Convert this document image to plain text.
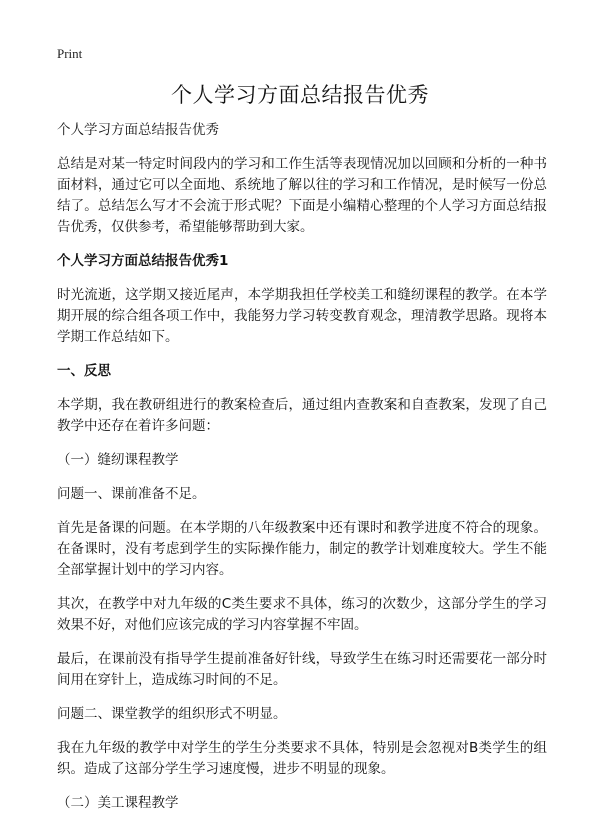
Print
个人学习方面总结报告优秀

个人学习方面总结报告优秀

总结是对某一特定时间段内的学习和工作生活等表现情况加以回顾和分析的一种书面材料，通过它可以全面地、系统地了解以往的学习和工作情况，是时候写一份总结了。总结怎么写才不会流于形式呢？下面是小编精心整理的个人学习方面总结报告优秀，仅供参考，希望能够帮助到大家。

个人学习方面总结报告优秀1

时光流逝，这学期又接近尾声，本学期我担任学校美工和缝纫课程的教学。在本学期开展的综合组各项工作中，我能努力学习转变教育观念，理清教学思路。现将本学期工作总结如下。

一、反思

本学期，我在教研组进行的教案检查后，通过组内查教案和自查教案，发现了自己教学中还存在着许多问题：

（一）缝纫课程教学

问题一、课前准备不足。

首先是备课的问题。在本学期的八年级教案中还有课时和教学进度不符合的现象。在备课时，没有考虑到学生的实际操作能力，制定的教学计划难度较大。学生不能全部掌握计划中的学习内容。

其次，在教学中对九年级的C类生要求不具体，练习的次数少，这部分学生的学习效果不好，对他们应该完成的学习内容掌握不牢固。

最后，在课前没有指导学生提前准备好针线，导致学生在练习时还需要花一部分时间用在穿针上，造成练习时间的不足。

问题二、课堂教学的组织形式不明显。

我在九年级的教学中对学生的学生分类要求不具体，特别是会忽视对B类学生的组织。造成了这部分学生学习速度慢，进步不明显的现象。

（二）美工课程教学
